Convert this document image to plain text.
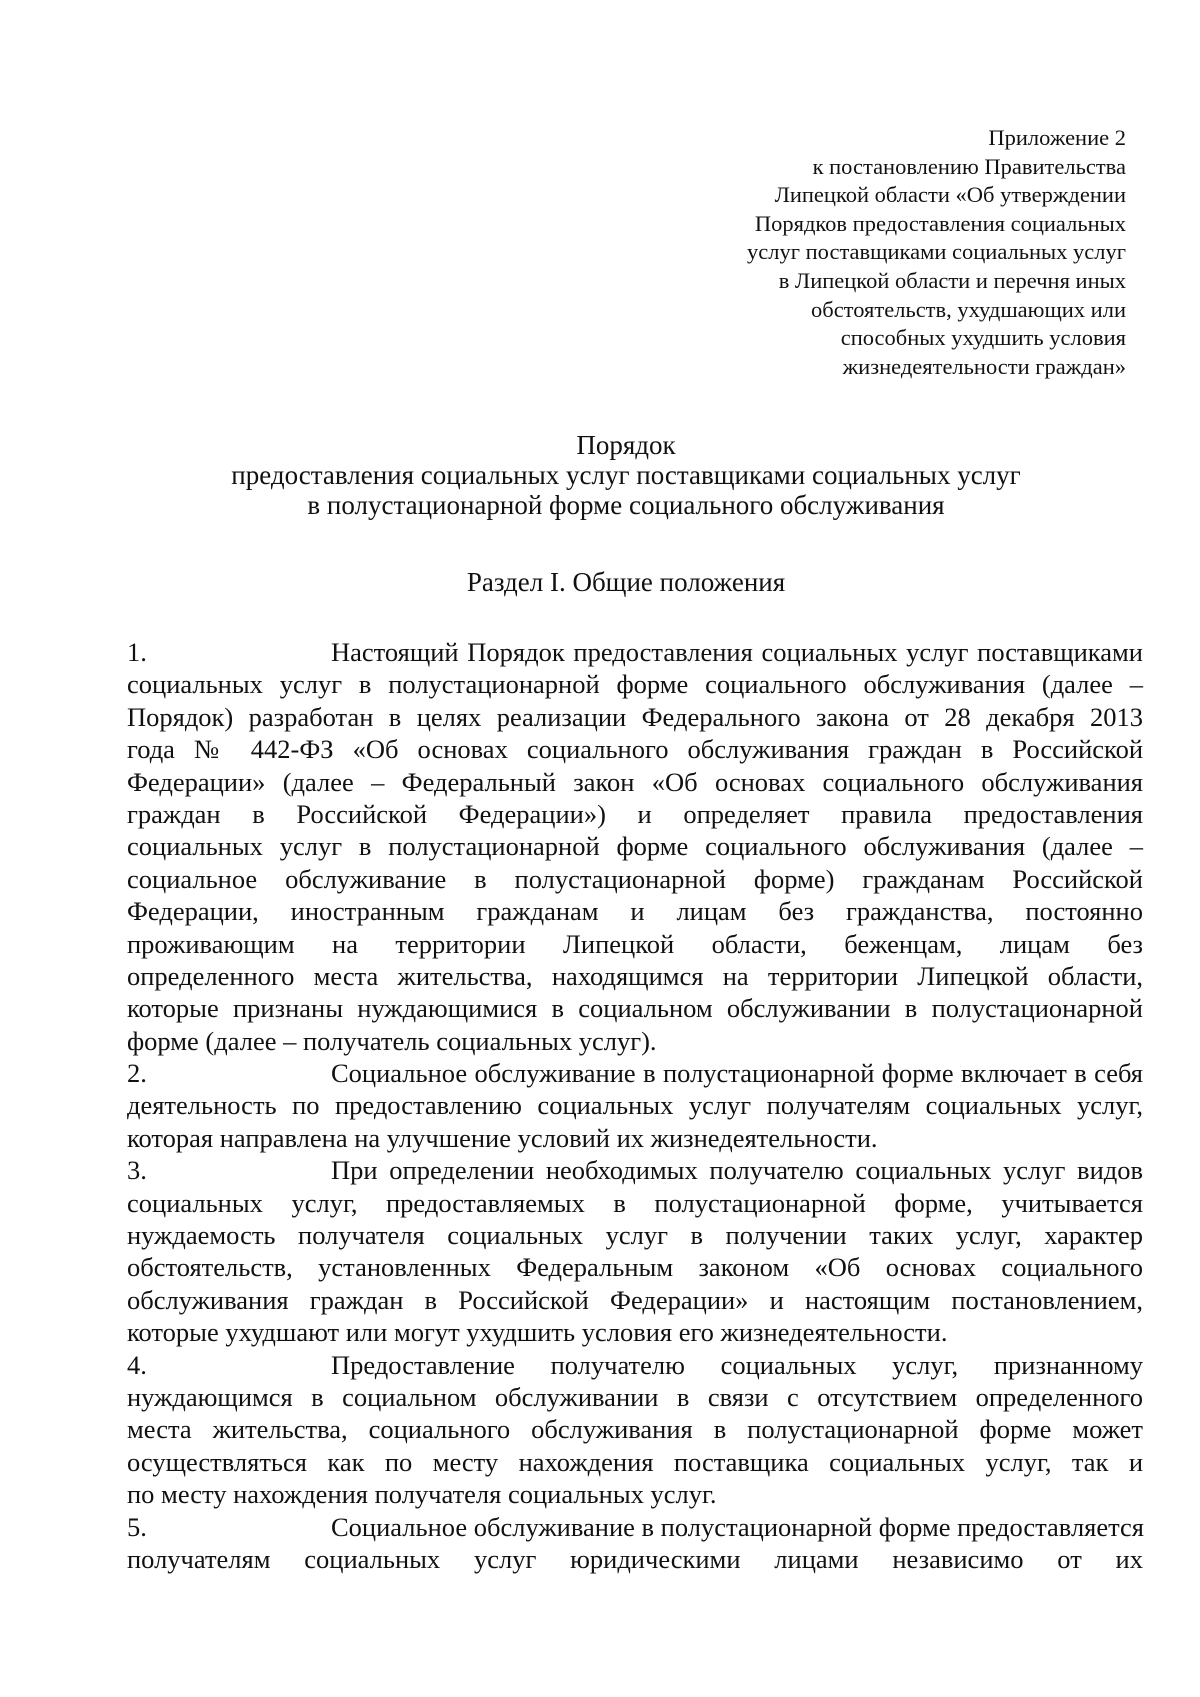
Приложение 2
к постановлению Правительства
Липецкой области «Об утверждении
Порядков предоставления социальных
услуг поставщиками социальных услуг
в Липецкой области и перечня иных
обстоятельств, ухудшающих или
способных ухудшить условия
жизнедеятельности граждан»
Порядок
предоставления социальных услуг поставщиками социальных услуг
в полустационарной форме социального обслуживания
Раздел I. Общие положения
1.	Настоящий Порядок предоставления социальных услуг поставщиками
социальных услуг в полустационарной форме социального обслуживания (далее –
Порядок) разработан в целях реализации Федерального закона от 28 декабря 2013
года № 442-ФЗ «Об основах социального обслуживания граждан в Российской
Федерации» (далее – Федеральный закон «Об основах социального обслуживания
граждан в Российской Федерации») и определяет правила предоставления
социальных услуг в полустационарной форме социального обслуживания (далее –
социальное обслуживание в полустационарной форме) гражданам Российской
Федерации, иностранным гражданам и лицам без гражданства, постоянно
проживающим на территории Липецкой области, беженцам, лицам без
определенного места жительства, находящимся на территории Липецкой области,
которые признаны нуждающимися в социальном обслуживании в полустационарной
форме (далее – получатель социальных услуг).
2.	Социальное обслуживание в полустационарной форме включает в себя
деятельность по предоставлению социальных услуг получателям социальных услуг,
которая направлена на улучшение условий их жизнедеятельности.
3.	При определении необходимых получателю социальных услуг видов
социальных услуг, предоставляемых в полустационарной форме, учитывается
нуждаемость получателя социальных услуг в получении таких услуг, характер
обстоятельств, установленных Федеральным законом «Об основах социального
обслуживания граждан в Российской Федерации» и настоящим постановлением,
которые ухудшают или могут ухудшить условия его жизнедеятельности.
4.	Предоставление получателю социальных услуг, признанному
нуждающимся в социальном обслуживании в связи с отсутствием определенного
места жительства, социального обслуживания в полустационарной форме может
осуществляться как по месту нахождения поставщика социальных услуг, так и
по месту нахождения получателя социальных услуг.
5.	Социальное обслуживание в полустационарной форме предоставляется
получателям социальных услуг юридическими лицами независимо от их
